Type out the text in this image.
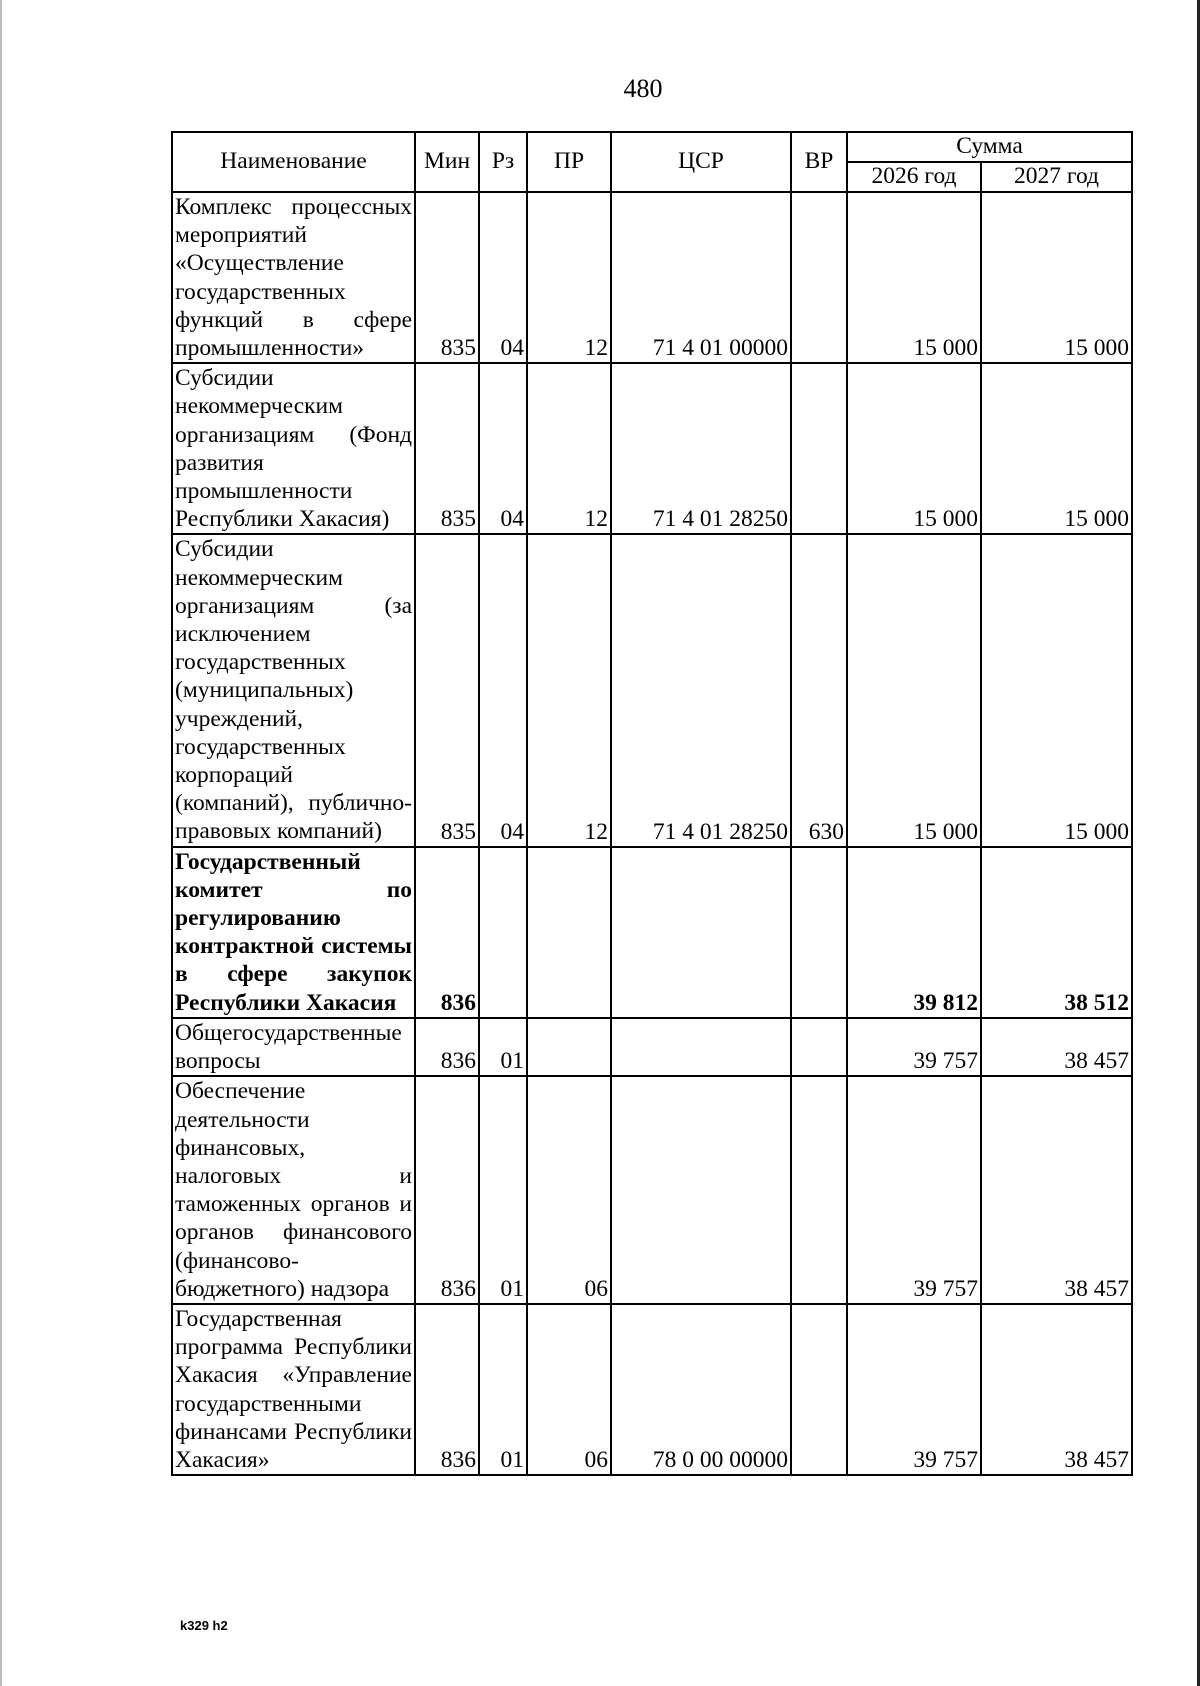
480
Наименование	Мин	Рз	ПР	ЦСР	ВР	Сумма	
						2026 год	2027 год
Комплекс процессных мероприятий «Осуществление государственных функций в сфере промышленности»	835	04	12	71 4 01 00000		15 000	15 000
Субсидии некоммерческим организациям (Фонд развития промышленности Республики Хакасия)	835	04	12	71 4 01 28250		15 000	15 000
Субсидии некоммерческим организациям (за исключением государственных (муниципальных) учреждений, государственных корпораций (компаний), публично-правовых компаний)	835	04	12	71 4 01 28250	630	15 000	15 000
Государственный комитет по регулированию контрактной системы в сфере закупок Республики Хакасия	836					39 812	38 512
Общегосударственные вопросы	836	01				39 757	38 457
Обеспечение деятельности финансовых, налоговых и таможенных органов и органов финансового (финансово-бюджетного) надзора	836	01	06			39 757	38 457
Государственная программа Республики Хакасия «Управление государственными финансами Республики Хакасия»	836	01	06	78 0 00 00000		39 757	38 457
k329 h2
